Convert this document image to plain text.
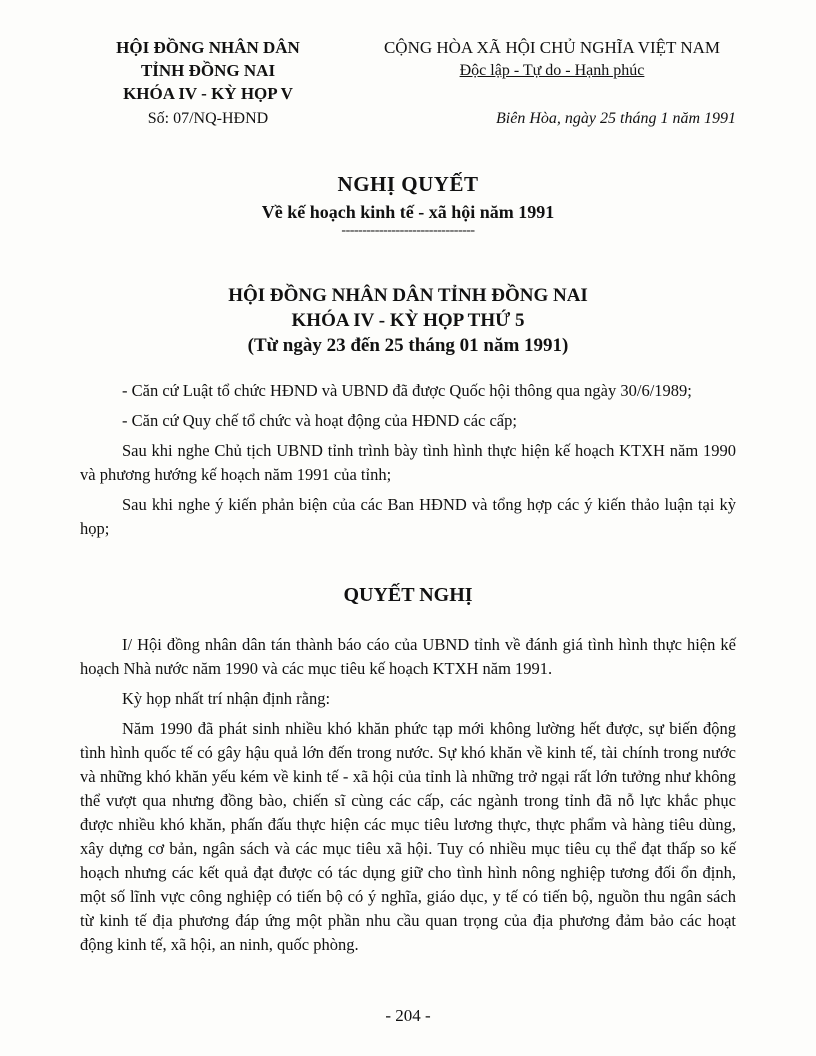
HỘI ĐỒNG NHÂN DÂN
TỈNH ĐỒNG NAI
KHÓA IV - KỲ HỌP V
Số: 07/NQ-HĐND
CỘNG HÒA XÃ HỘI CHỦ NGHĨA VIỆT NAM
Độc lập - Tự do - Hạnh phúc
Biên Hòa, ngày 25 tháng 1 năm 1991
NGHỊ QUYẾT
Về kế hoạch kinh tế - xã hội năm 1991
--------------------------------
HỘI ĐỒNG NHÂN DÂN TỈNH ĐỒNG NAI
KHÓA IV - KỲ HỌP THỨ 5
(Từ ngày 23 đến 25 tháng 01 năm 1991)

- Căn cứ Luật tổ chức HĐND và UBND đã được Quốc hội thông qua ngày 30/6/1989;

- Căn cứ Quy chế tổ chức và hoạt động của HĐND các cấp;

Sau khi nghe Chủ tịch UBND tỉnh trình bày tình hình thực hiện kế hoạch KTXH năm 1990 và phương hướng kế hoạch năm 1991 của tỉnh;

Sau khi nghe ý kiến phản biện của các Ban HĐND và tổng hợp các ý kiến thảo luận tại kỳ họp;

QUYẾT NGHỊ

I/ Hội đồng nhân dân tán thành báo cáo của UBND tỉnh về đánh giá tình hình thực hiện kế hoạch Nhà nước năm 1990 và các mục tiêu kế hoạch KTXH năm 1991.

Kỳ họp nhất trí nhận định rằng:

Năm 1990 đã phát sinh nhiều khó khăn phức tạp mới không lường hết được, sự biến động tình hình quốc tế có gây hậu quả lớn đến trong nước. Sự khó khăn về kinh tế, tài chính trong nước và những khó khăn yếu kém về kinh tế - xã hội của tỉnh là những trở ngại rất lớn tưởng như không thể vượt qua nhưng đồng bào, chiến sĩ cùng các cấp, các ngành trong tỉnh đã nỗ lực khắc phục được nhiều khó khăn, phấn đấu thực hiện các mục tiêu lương thực, thực phẩm và hàng tiêu dùng, xây dựng cơ bản, ngân sách và các mục tiêu xã hội. Tuy có nhiều mục tiêu cụ thể đạt thấp so kế hoạch nhưng các kết quả đạt được có tác dụng giữ cho tình hình nông nghiệp tương đối ổn định, một số lĩnh vực công nghiệp có tiến bộ có ý nghĩa, giáo dục, y tế có tiến bộ, nguồn thu ngân sách từ kinh tế địa phương đáp ứng một phần nhu cầu quan trọng của địa phương đảm bảo các hoạt động kinh tế, xã hội, an ninh, quốc phòng.

- 204 -
